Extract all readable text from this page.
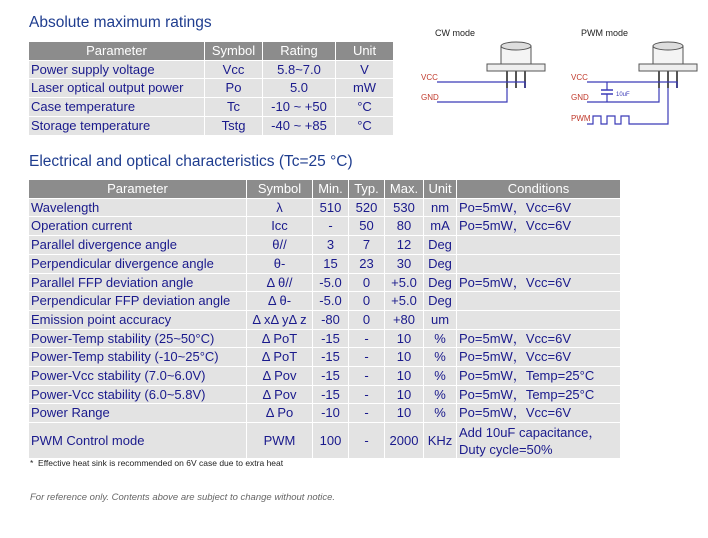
Absolute maximum ratings
Parameter	Symbol	Rating	Unit
Power supply voltage	Vcc	5.8~7.0	V
Laser optical output power	Po	5.0	mW
Case temperature	Tc	-10 ~ +50	°C
Storage temperature	Tstg	-40 ~ +85	°C
CW mode	PWM mode
VCC
GND
VCC
GND
PWM
10uF
Electrical and optical characteristics (Tc=25 °C)
Parameter	Symbol	Min.	Typ.	Max.	Unit	Conditions
Wavelength	λ	510	520	530	nm	Po=5mW，Vcc=6V
Operation current	Icc	-	50	80	mA	Po=5mW，Vcc=6V
Parallel divergence angle	θ//	3	7	12	Deg	
Perpendicular divergence angle	θ-	15	23	30	Deg	
Parallel FFP deviation angle	Δ θ//	-5.0	0	+5.0	Deg	Po=5mW，Vcc=6V
Perpendicular FFP deviation angle	Δ θ-	-5.0	0	+5.0	Deg	
Emission point accuracy	Δ xΔ yΔ z	-80	0	+80	um	
Power-Temp stability (25~50°C)	Δ PoT	-15	-	10	%	Po=5mW，Vcc=6V
Power-Temp stability (-10~25°C)	Δ PoT	-15	-	10	%	Po=5mW，Vcc=6V
Power-Vcc stability (7.0~6.0V)	Δ Pov	-15	-	10	%	Po=5mW，Temp=25°C
Power-Vcc stability (6.0~5.8V)	Δ Pov	-15	-	10	%	Po=5mW，Temp=25°C
Power Range	Δ Po	-10	-	10	%	Po=5mW，Vcc=6V
PWM Control mode	PWM	100	-	2000	KHz	Add 10uF capacitance，
Duty cycle=50%
* Effective heat sink is recommended on 6V case due to extra heat
For reference only. Contents above are subject to change without notice.
